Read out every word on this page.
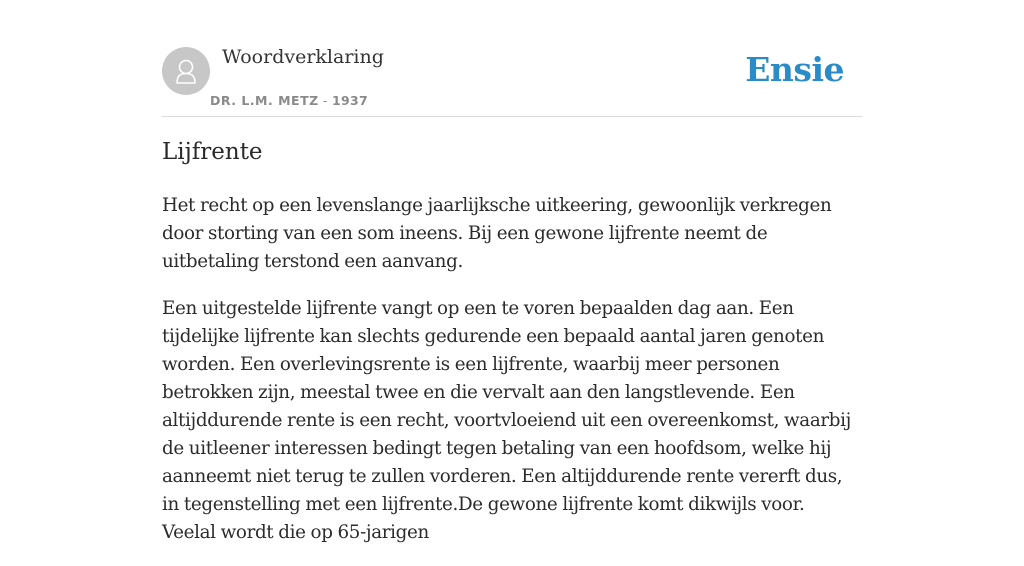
Woordverklaring
DR. L.M. METZ - 1937
Ensie
Lijfrente

Het recht op een levenslange jaarlijksche uitkeering, gewoonlijk verkregen door storting van een som ineens. Bij een gewone lijfrente neemt de uitbetaling terstond een aanvang.

Een uitgestelde lijfrente vangt op een te voren bepaalden dag aan. Een tijdelijke lijfrente kan slechts gedurende een bepaald aantal jaren genoten worden. Een overlevingsrente is een lijfrente, waarbij meer personen betrokken zijn, meestal twee en die vervalt aan den langstlevende. Een altijddurende rente is een recht, voortvloeiend uit een overeenkomst, waarbij de uitleener interessen bedingt tegen betaling van een hoofdsom, welke hij aanneemt niet terug te zullen vorderen. Een altijddurende rente vererft dus, in tegenstelling met een lijfrente.De gewone lijfrente komt dikwijls voor. Veelal wordt die op 65-jarigen
